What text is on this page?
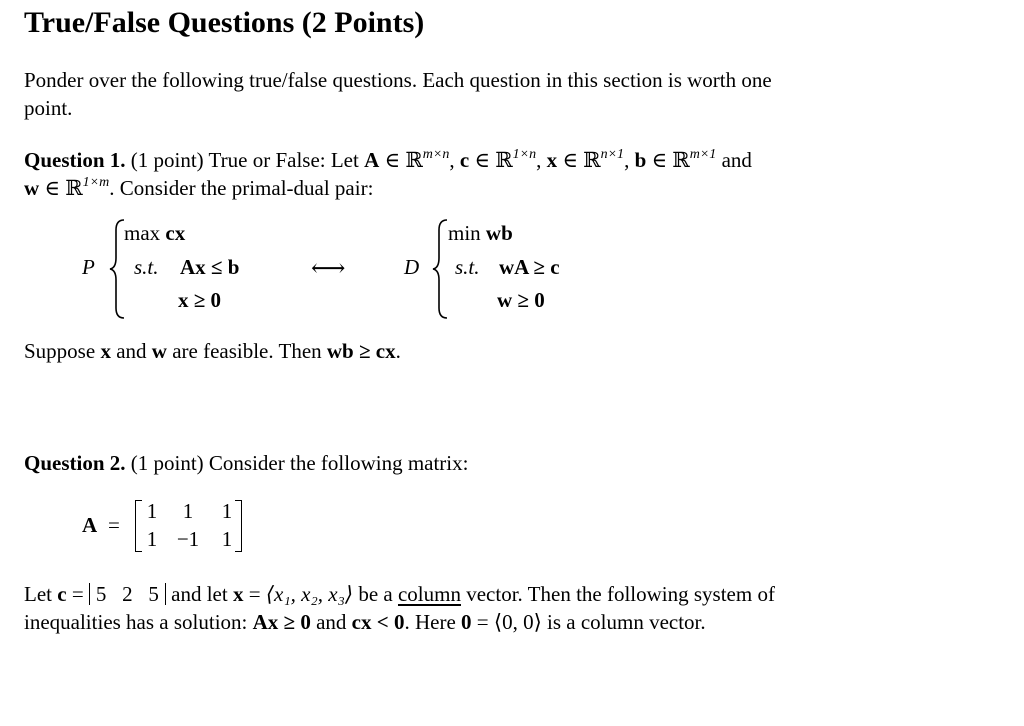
True/False Questions (2 Points)
Ponder over the following true/false questions. Each question in this section is worth one
point.
Question 1. (1 point) True or False: Let A ∈ ℝ$^{m\times n}$, c ∈ ℝ$^{1\times n}$, x ∈ ℝ$^{n\times 1}$, b ∈ ℝ$^{m\times 1}$ and
w ∈ ℝ$^{1\times m}$. Consider the primal-dual pair:
P
max cx
s.t. Ax ≤ b
x ≥ 0
⟷	D
min wb
s.t. wA ≥ c
w ≥ 0
Suppose x and w are feasible. Then wb ≥ cx.
Question 2. (1 point) Consider the following matrix:
A =
1	1	1
1 −1	1
Let c = 5 2 5 and let x = ⟨x₁, x₂, x₃⟩ be a column vector. Then the following system of
inequalities has a solution: Ax ≥ 0 and cx < 0. Here 0 = ⟨0, 0⟩ is a column vector.
